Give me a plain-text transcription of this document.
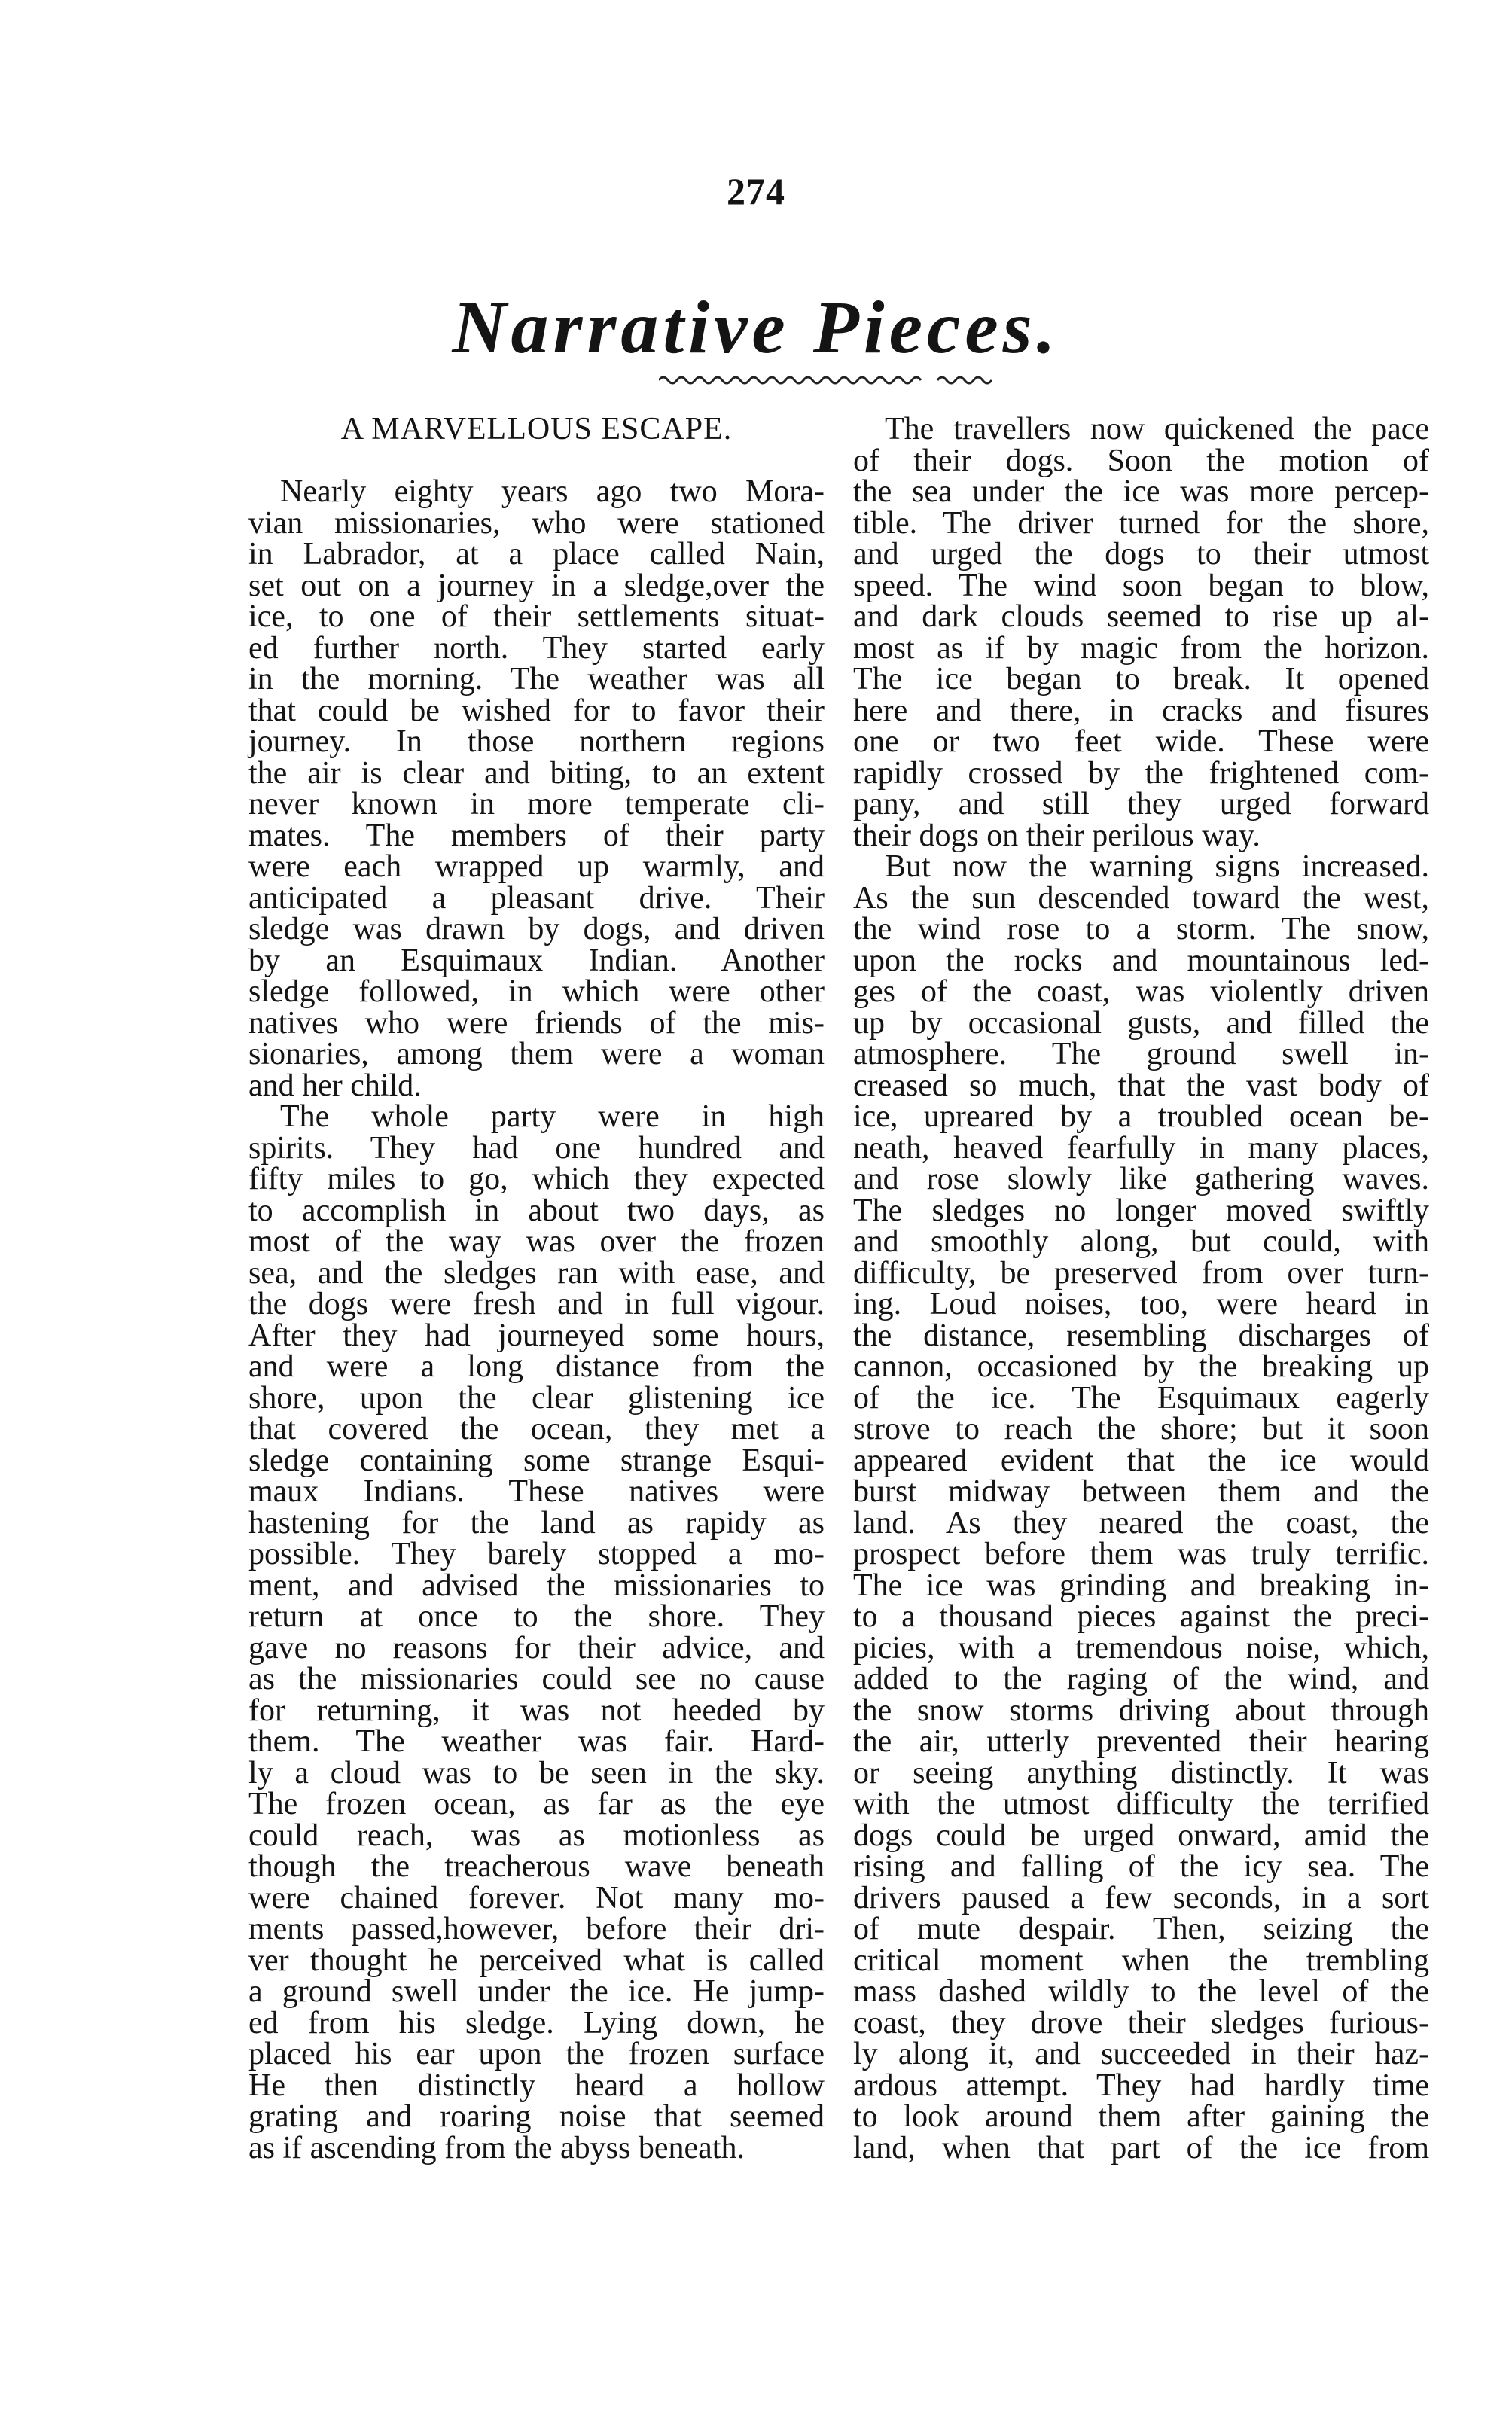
274
Narrative Pieces.
A MARVELLOUS ESCAPE.
Nearly eighty years ago two Mora-
vian missionaries, who were stationed
in Labrador, at a place called Nain,
set out on a journey in a sledge,over the
ice, to one of their settlements situat-
ed further north. They started early
in the morning. The weather was all
that could be wished for to favor their
journey. In those northern regions
the air is clear and biting, to an extent
never known in more temperate cli-
mates. The members of their party
were each wrapped up warmly, and
anticipated a pleasant drive. Their
sledge was drawn by dogs, and driven
by an Esquimaux Indian. Another
sledge followed, in which were other
natives who were friends of the mis-
sionaries, among them were a woman
and her child.
The whole party were in high
spirits. They had one hundred and
fifty miles to go, which they expected
to accomplish in about two days, as
most of the way was over the frozen
sea, and the sledges ran with ease, and
the dogs were fresh and in full vigour.
After they had journeyed some hours,
and were a long distance from the
shore, upon the clear glistening ice
that covered the ocean, they met a
sledge containing some strange Esqui-
maux Indians. These natives were
hastening for the land as rapidy as
possible. They barely stopped a mo-
ment, and advised the missionaries to
return at once to the shore. They
gave no reasons for their advice, and
as the missionaries could see no cause
for returning, it was not heeded by
them. The weather was fair. Hard-
ly a cloud was to be seen in the sky.
The frozen ocean, as far as the eye
could reach, was as motionless as
though the treacherous wave beneath
were chained forever. Not many mo-
ments passed,however, before their dri-
ver thought he perceived what is called
a ground swell under the ice. He jump-
ed from his sledge. Lying down, he
placed his ear upon the frozen surface
He then distinctly heard a hollow
grating and roaring noise that seemed
as if ascending from the abyss beneath.
The travellers now quickened the pace
of their dogs. Soon the motion of
the sea under the ice was more percep-
tible. The driver turned for the shore,
and urged the dogs to their utmost
speed. The wind soon began to blow,
and dark clouds seemed to rise up al-
most as if by magic from the horizon.
The ice began to break. It opened
here and there, in cracks and fisures
one or two feet wide. These were
rapidly crossed by the frightened com-
pany, and still they urged forward
their dogs on their perilous way.
But now the warning signs increased.
As the sun descended toward the west,
the wind rose to a storm. The snow,
upon the rocks and mountainous led-
ges of the coast, was violently driven
up by occasional gusts, and filled the
atmosphere. The ground swell in-
creased so much, that the vast body of
ice, upreared by a troubled ocean be-
neath, heaved fearfully in many places,
and rose slowly like gathering waves.
The sledges no longer moved swiftly
and smoothly along, but could, with
difficulty, be preserved from over turn-
ing. Loud noises, too, were heard in
the distance, resembling discharges of
cannon, occasioned by the breaking up
of the ice. The Esquimaux eagerly
strove to reach the shore; but it soon
appeared evident that the ice would
burst midway between them and the
land. As they neared the coast, the
prospect before them was truly terrific.
The ice was grinding and breaking in-
to a thousand pieces against the preci-
picies, with a tremendous noise, which,
added to the raging of the wind, and
the snow storms driving about through
the air, utterly prevented their hearing
or seeing anything distinctly. It was
with the utmost difficulty the terrified
dogs could be urged onward, amid the
rising and falling of the icy sea. The
drivers paused a few seconds, in a sort
of mute despair. Then, seizing the
critical moment when the trembling
mass dashed wildly to the level of the
coast, they drove their sledges furious-
ly along it, and succeeded in their haz-
ardous attempt. They had hardly time
to look around them after gaining the
land, when that part of the ice from
